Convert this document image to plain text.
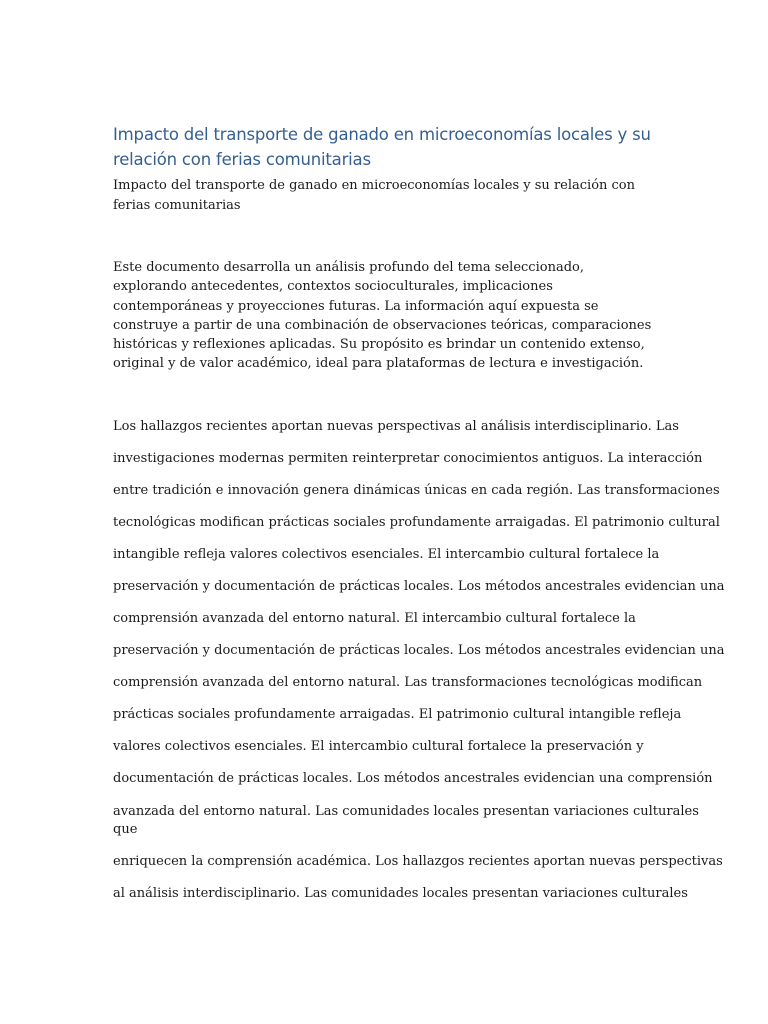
Impacto del transporte de ganado en microeconomías locales y su relación con ferias comunitarias

Impacto del transporte de ganado en microeconomías locales y su relación con ferias comunitarias

Este documento desarrolla un análisis profundo del tema seleccionado, explorando antecedentes, contextos socioculturales, implicaciones contemporáneas y proyecciones futuras. La información aquí expuesta se construye a partir de una combinación de observaciones teóricas, comparaciones históricas y reflexiones aplicadas. Su propósito es brindar un contenido extenso, original y de valor académico, ideal para plataformas de lectura e investigación.

Los hallazgos recientes aportan nuevas perspectivas al análisis interdisciplinario. Las
investigaciones modernas permiten reinterpretar conocimientos antiguos. La interacción
entre tradición e innovación genera dinámicas únicas en cada región. Las transformaciones
tecnológicas modifican prácticas sociales profundamente arraigadas. El patrimonio cultural
intangible refleja valores colectivos esenciales. El intercambio cultural fortalece la
preservación y documentación de prácticas locales. Los métodos ancestrales evidencian una
comprensión avanzada del entorno natural. El intercambio cultural fortalece la
preservación y documentación de prácticas locales. Los métodos ancestrales evidencian una
comprensión avanzada del entorno natural. Las transformaciones tecnológicas modifican
prácticas sociales profundamente arraigadas. El patrimonio cultural intangible refleja
valores colectivos esenciales. El intercambio cultural fortalece la preservación y
documentación de prácticas locales. Los métodos ancestrales evidencian una comprensión
avanzada del entorno natural. Las comunidades locales presentan variaciones culturales
que
enriquecen la comprensión académica. Los hallazgos recientes aportan nuevas perspectivas
al análisis interdisciplinario. Las comunidades locales presentan variaciones culturales
